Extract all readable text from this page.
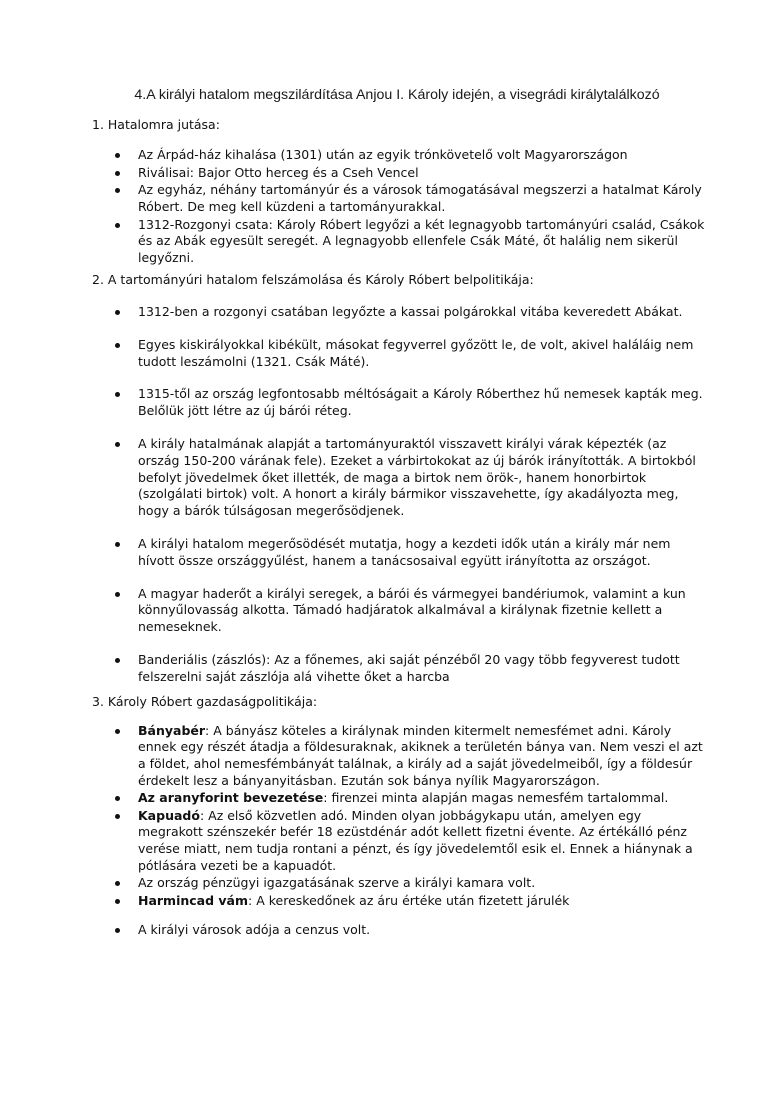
4.A királyi hatalom megszilárdítása Anjou I. Károly idején, a visegrádi királytalálkozó

1. Hatalomra jutása:

Az Árpád-ház kihalása (1301) után az egyik trónkövetelő volt Magyarországon
Riválisai: Bajor Otto herceg és a Cseh Vencel
Az egyház, néhány tartományúr és a városok támogatásával megszerzi a hatalmat Károly Róbert. De meg kell küzdeni a tartományurakkal.
1312-Rozgonyi csata: Károly Róbert legyőzi a két legnagyobb tartományúri család, Csákok és az Abák egyesült seregét. A legnagyobb ellenfele Csák Máté, őt halálig nem sikerül legyőzni.

2. A tartományúri hatalom felszámolása és Károly Róbert belpolitikája:

1312-ben a rozgonyi csatában legyőzte a kassai polgárokkal vitába keveredett Abákat.
Egyes kiskirályokkal kibékült, másokat fegyverrel győzött le, de volt, akivel haláláig nem tudott leszámolni (1321. Csák Máté).
1315-től az ország legfontosabb méltóságait a Károly Róberthez hű nemesek kapták meg. Belőlük jött létre az új bárói réteg.
A király hatalmának alapját a tartományuraktól visszavett királyi várak képezték (az ország 150-200 várának fele). Ezeket a várbirtokokat az új bárók irányították. A birtokból befolyt jövedelmek őket illették, de maga a birtok nem örök-, hanem honorbirtok (szolgálati birtok) volt. A honort a király bármikor visszavehette, így akadályozta meg, hogy a bárók túlságosan megerősödjenek.
A királyi hatalom megerősödését mutatja, hogy a kezdeti idők után a király már nem hívott össze országgyűlést, hanem a tanácsosaival együtt irányította az országot.
A magyar haderőt a királyi seregek, a bárói és vármegyei bandériumok, valamint a kun könnyűlovasság alkotta. Támadó hadjáratok alkalmával a királynak fizetnie kellett a nemeseknek.
Banderiális (zászlós): Az a főnemes, aki saját pénzéből 20 vagy több fegyverest tudott felszerelni saját zászlója alá vihette őket a harcba

3. Károly Róbert gazdaságpolitikája:

Bányabér: A bányász köteles a királynak minden kitermelt nemesfémet adni. Károly ennek egy részét átadja a földesuraknak, akiknek a területén bánya van. Nem veszi el azt a földet, ahol nemesfémbányát találnak, a király ad a saját jövedelmeiből, így a földesúr érdekelt lesz a bányanyitásban. Ezután sok bánya nyílik Magyarországon.
Az aranyforint bevezetése: firenzei minta alapján magas nemesfém tartalommal.
Kapuadó: Az első közvetlen adó. Minden olyan jobbágykapu után, amelyen egy megrakott szénszekér befér 18 ezüstdénár adót kellett fizetni évente. Az értékálló pénz verése miatt, nem tudja rontani a pénzt, és így jövedelemtől esik el. Ennek a hiánynak a pótlására vezeti be a kapuadót.
Az ország pénzügyi igazgatásának szerve a királyi kamara volt.
Harmincad vám: A kereskedőnek az áru értéke után fizetett járulék
A királyi városok adója a cenzus volt.
